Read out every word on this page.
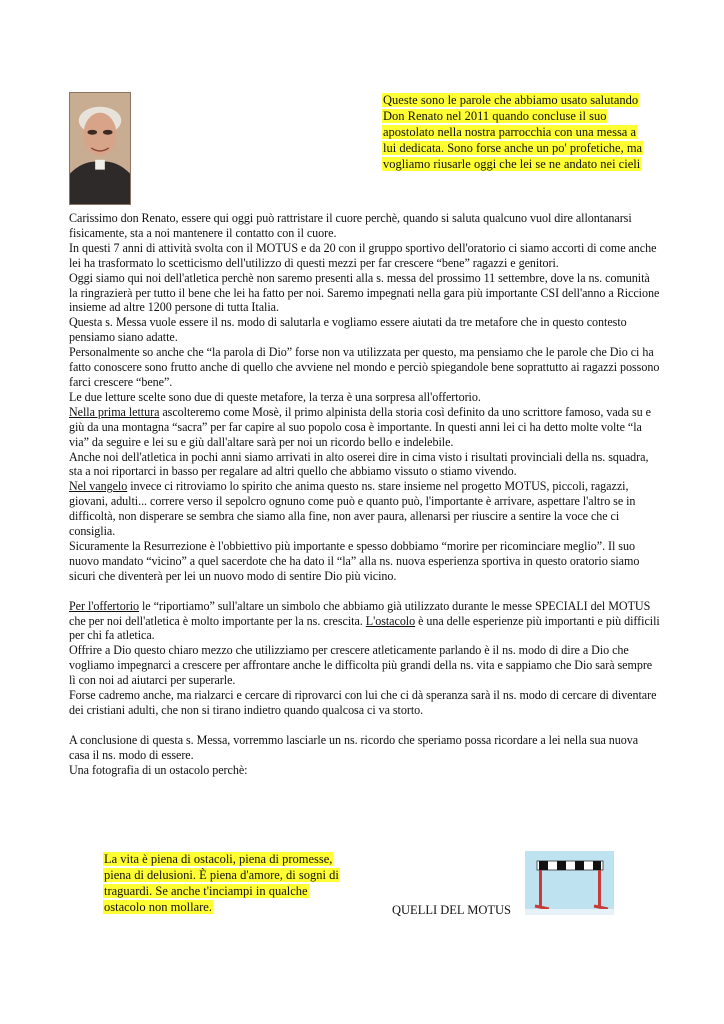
Queste sono le parole che abbiamo usato salutando Don Renato nel 2011 quando concluse il suo apostolato nella nostra parrocchia con una messa a lui dedicata. Sono forse anche un po' profetiche, ma vogliamo riusarle oggi che lei se ne andato nei cieli

Carissimo don Renato, essere qui oggi può rattristare il cuore perchè, quando si saluta qualcuno vuol dire allontanarsi fisicamente, sta a noi mantenere il contatto con il cuore.

In questi 7 anni di attività svolta con il MOTUS e da 20 con il gruppo sportivo dell'oratorio ci siamo accorti di come anche lei ha trasformato lo scetticismo dell'utilizzo di questi mezzi per far crescere “bene” ragazzi e genitori.

Oggi siamo qui noi dell'atletica perchè non saremo presenti alla s. messa del prossimo 11 settembre, dove la ns. comunità la ringrazierà per tutto il bene che lei ha fatto per noi. Saremo impegnati nella gara più importante CSI dell'anno a Riccione insieme ad altre 1200 persone di tutta Italia.

Questa s. Messa vuole essere il ns. modo di salutarla e vogliamo essere aiutati da tre metafore che in questo contesto pensiamo siano adatte.

Personalmente so anche che “la parola di Dio” forse non va utilizzata per questo, ma pensiamo che le parole che Dio ci ha fatto conoscere sono frutto anche di quello che avviene nel mondo e perciò spiegandole bene soprattutto ai ragazzi possono farci crescere “bene”.

Le due letture scelte sono due di queste metafore, la terza è una sorpresa all'offertorio.

Nella prima lettura ascolteremo come Mosè, il primo alpinista della storia così definito da uno scrittore famoso, vada su e giù da una montagna “sacra” per far capire al suo popolo cosa è importante. In questi anni lei ci ha detto molte volte “la via” da seguire e lei su e giù dall'altare sarà per noi un ricordo bello e indelebile.

Anche noi dell'atletica in pochi anni siamo arrivati in alto oserei dire in cima visto i risultati provinciali della ns. squadra, sta a noi riportarci in basso per regalare ad altri quello che abbiamo vissuto o stiamo vivendo.

Nel vangelo invece ci ritroviamo lo spirito che anima questo ns. stare insieme nel progetto MOTUS, piccoli, ragazzi, giovani, adulti... correre verso il sepolcro ognuno come può e quanto può, l'importante è arrivare, aspettare l'altro se in difficoltà, non disperare se sembra che siamo alla fine, non aver paura, allenarsi per riuscire a sentire la voce che ci consiglia.

Sicuramente la Resurrezione è l'obbiettivo più importante e spesso dobbiamo “morire per ricominciare meglio”. Il suo nuovo mandato “vicino” a quel sacerdote che ha dato il “la” alla ns. nuova esperienza sportiva in questo oratorio siamo sicuri che diventerà per lei un nuovo modo di sentire Dio più vicino.

Per l'offertorio le “riportiamo” sull'altare un simbolo che abbiamo già utilizzato durante le messe SPECIALI del MOTUS che per noi dell'atletica è molto importante per la ns. crescita. L'ostacolo è una delle esperienze più importanti e più difficili per chi fa atletica.

Offrire a Dio questo chiaro mezzo che utilizziamo per crescere atleticamente parlando è il ns. modo di dire a Dio che vogliamo impegnarci a crescere per affrontare anche le difficolta più grandi della ns. vita e sappiamo che Dio sarà sempre lì con noi ad aiutarci per superarle.

Forse cadremo anche, ma rialzarci e cercare di riprovarci con lui che ci dà speranza sarà il ns. modo di cercare di diventare dei cristiani adulti, che non si tirano indietro quando qualcosa ci va storto.

A conclusione di questa s. Messa, vorremmo lasciarle un ns. ricordo che speriamo possa ricordare a lei nella sua nuova casa il ns. modo di essere.

Una fotografia di un ostacolo perchè:

La vita è piena di ostacoli, piena di promesse, piena di delusioni. È piena d'amore, di sogni di traguardi. Se anche t'inciampi in qualche ostacolo non mollare.	QUELLI DEL MOTUS
